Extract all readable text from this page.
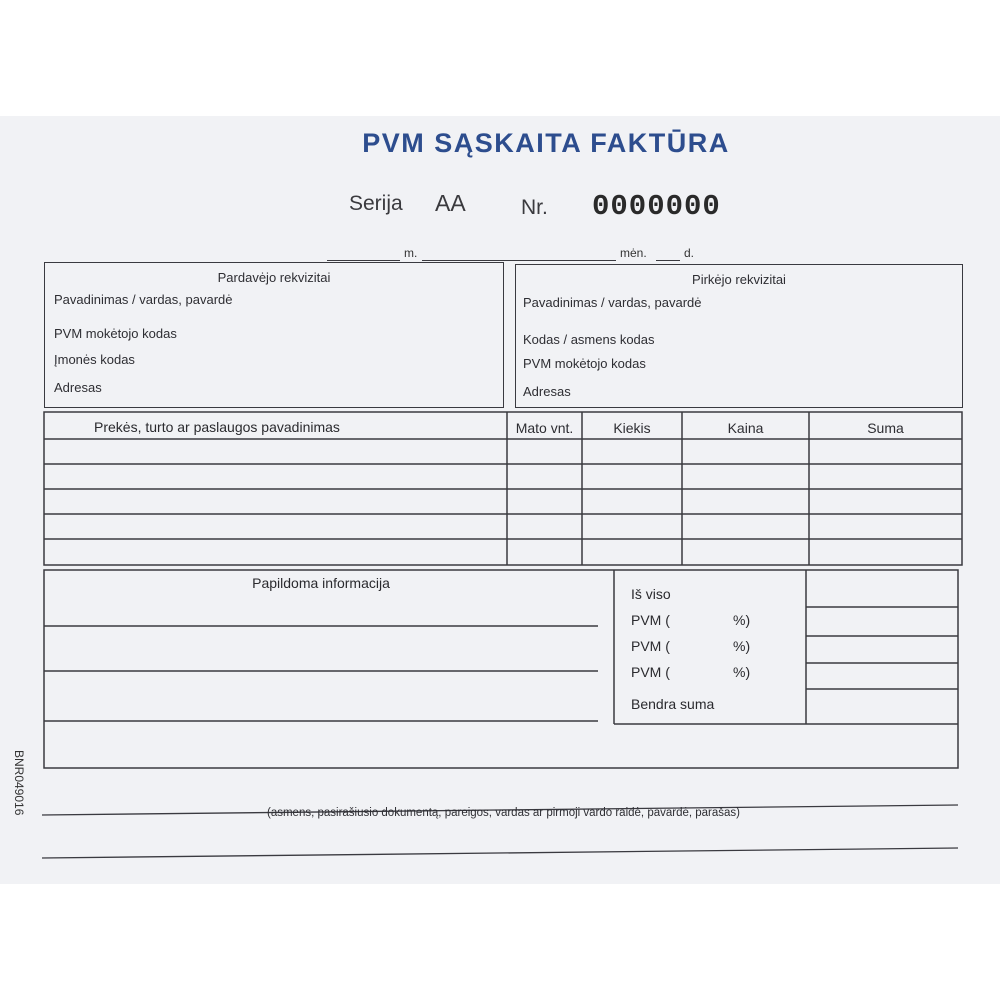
PVM SĄSKAITA FAKTŪRA
Serija AA	Nr. 0000000
m.	mėn.	d.
Pardavėjo rekvizitai
Pavadinimas / vardas, pavardė
PVM mokėtojo kodas
Įmonės kodas
Adresas
Pirkėjo rekvizitai
Pavadinimas / vardas, pavardė
Kodas / asmens kodas
PVM mokėtojo kodas
Adresas
Prekės, turto ar paslaugos pavadinimas	Mato vnt.	Kiekis	Kaina	Suma
Papildoma informacija
Iš viso
PVM (	%)
PVM (	%)
PVM (	%)
Bendra suma
(asmens, pasirašiusio dokumentą, pareigos, vardas ar pirmoji vardo raidė, pavardė, parašas)
BNR049016
